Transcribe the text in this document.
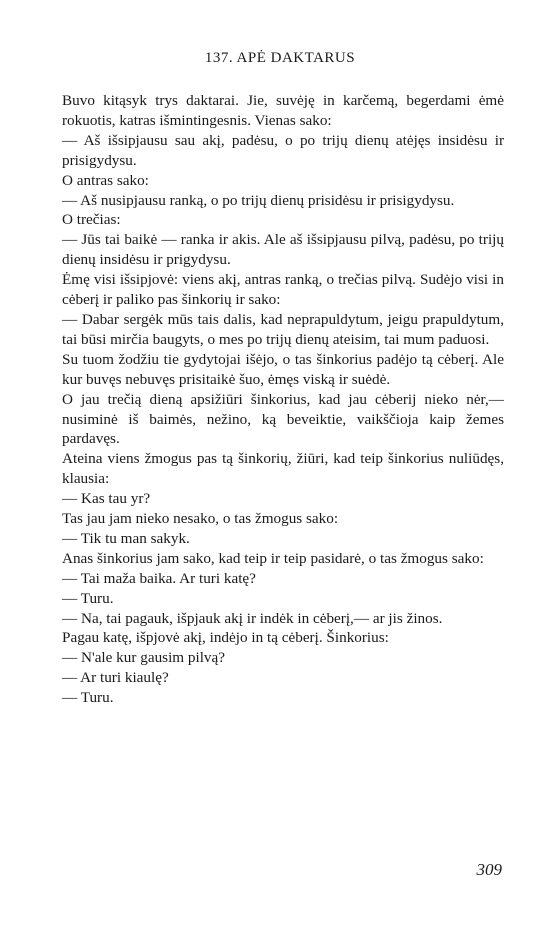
137. APĖ DAKTARUS

Buvo kitąsyk trys daktarai. Jie, suvėję in karčemą, begerdami ėmė rokuotis, katras išmintingesnis. Vienas sako:

— Aš išsipjausu sau akį, padėsu, o po trijų dienų atėjęs insidėsu ir prisigydysu.

O antras sako:

— Aš nusipjausu ranką, o po trijų dienų prisidėsu ir prisigydysu.

O trečias:

— Jūs tai baikė — ranka ir akis. Ale aš išsipjausu pilvą, padėsu, po trijų dienų insidėsu ir prigydysu.

Ėmę visi išsipjovė: viens akį, antras ranką, o trečias pilvą. Sudėjo visi in cėberį ir paliko pas šinkorių ir sako:

— Dabar sergėk mūs tais dalis, kad neprapuldytum, jeigu prapuldytum, tai būsi mirčia baugyts, o mes po trijų dienų ateisim, tai mum paduosi.

Su tuom žodžiu tie gydytojai išėjo, o tas šinkorius padėjo tą cėberį. Ale kur buvęs nebuvęs prisitaikė šuo, ėmęs viską ir suėdė.

O jau trečią dieną apsižiūri šinkorius, kad jau cėberij nieko nėr,— nusiminė iš baimės, nežino, ką beveiktie, vaikščioja kaip žemes pardavęs.

Ateina viens žmogus pas tą šinkorių, žiūri, kad teip šinkorius nuliūdęs, klausia:

— Kas tau yr?

Tas jau jam nieko nesako, o tas žmogus sako:

— Tik tu man sakyk.

Anas šinkorius jam sako, kad teip ir teip pasidarė, o tas žmogus sako:

— Tai maža baika. Ar turi katę?

— Turu.

— Na, tai pagauk, išpjauk akį ir indėk in cėberį,— ar jis žinos.

Pagau katę, išpjovė akį, indėjo in tą cėberį. Šinkorius:

— N'ale kur gausim pilvą?

— Ar turi kiaulę?

— Turu.

309
